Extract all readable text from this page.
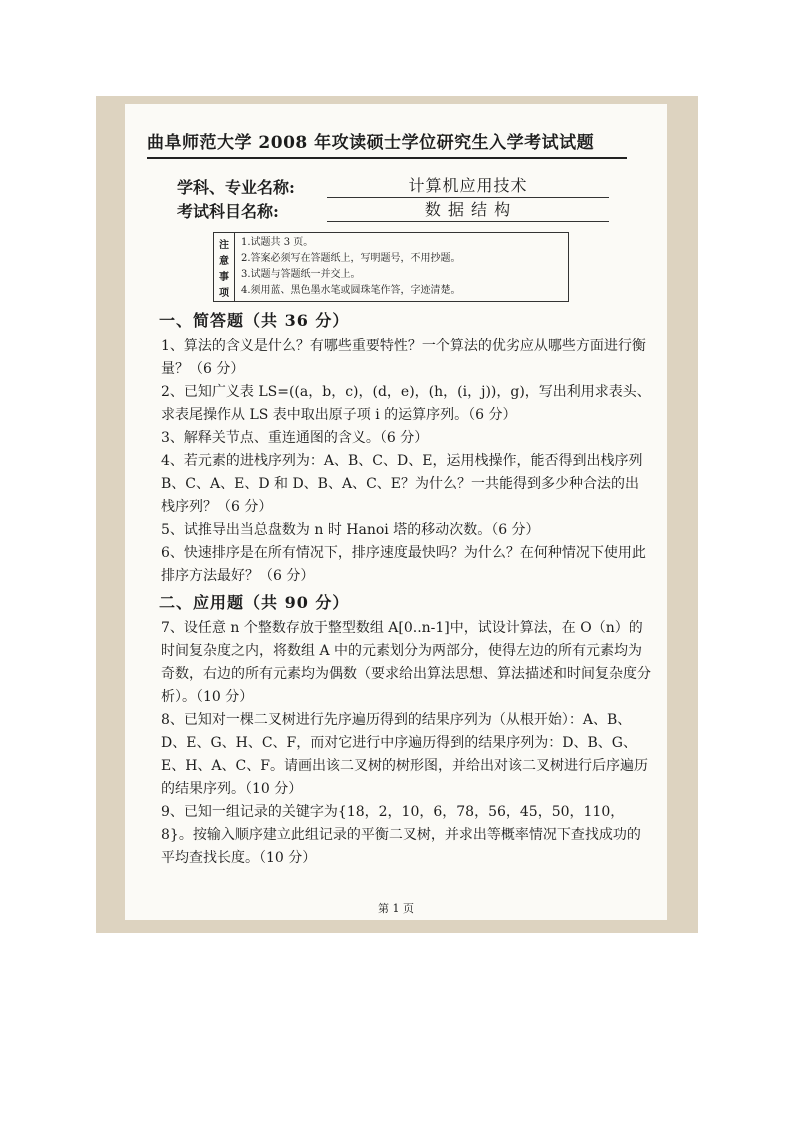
曲阜师范大学 2008 年攻读硕士学位研究生入学考试试题
学科、专业名称:	计算机应用技术
考试科目名称:	数 据 结 构
注
意
事
项
1.试题共 3 页。
2.答案必须写在答题纸上，写明题号，不用抄题。
3.试题与答题纸一并交上。
4.须用蓝、黑色墨水笔或圆珠笔作答，字迹清楚。
一、简答题（共 36 分）
1、算法的含义是什么？有哪些重要特性？一个算法的优劣应从哪些方面进行衡量？（6 分）
2、已知广义表 LS=((a，b，c)，(d，e)，(h，(i，j))，g)，写出利用求表头、求表尾操作从 LS 表中取出原子项 i 的运算序列。（6 分）
3、解释关节点、重连通图的含义。（6 分）
4、若元素的进栈序列为：A、B、C、D、E，运用栈操作，能否得到出栈序列 B、C、A、E、D 和 D、B、A、C、E？为什么？一共能得到多少种合法的出栈序列？（6 分）
5、试推导出当总盘数为 n 时 Hanoi 塔的移动次数。（6 分）
6、快速排序是在所有情况下，排序速度最快吗？为什么？在何种情况下使用此排序方法最好？（6 分）
二、应用题（共 90 分）
7、设任意 n 个整数存放于整型数组 A[0..n-1]中，试设计算法，在 O（n）的时间复杂度之内，将数组 A 中的元素划分为两部分，使得左边的所有元素均为奇数，右边的所有元素均为偶数（要求给出算法思想、算法描述和时间复杂度分析）。（10 分）
8、已知对一棵二叉树进行先序遍历得到的结果序列为（从根开始）：A、B、D、E、G、H、C、F，而对它进行中序遍历得到的结果序列为：D、B、G、E、H、A、C、F。请画出该二叉树的树形图，并给出对该二叉树进行后序遍历的结果序列。（10 分）
9、已知一组记录的关键字为{18，2，10，6，78，56，45，50，110，8}。按输入顺序建立此组记录的平衡二叉树，并求出等概率情况下查找成功的平均查找长度。（10 分）
第 1 页
